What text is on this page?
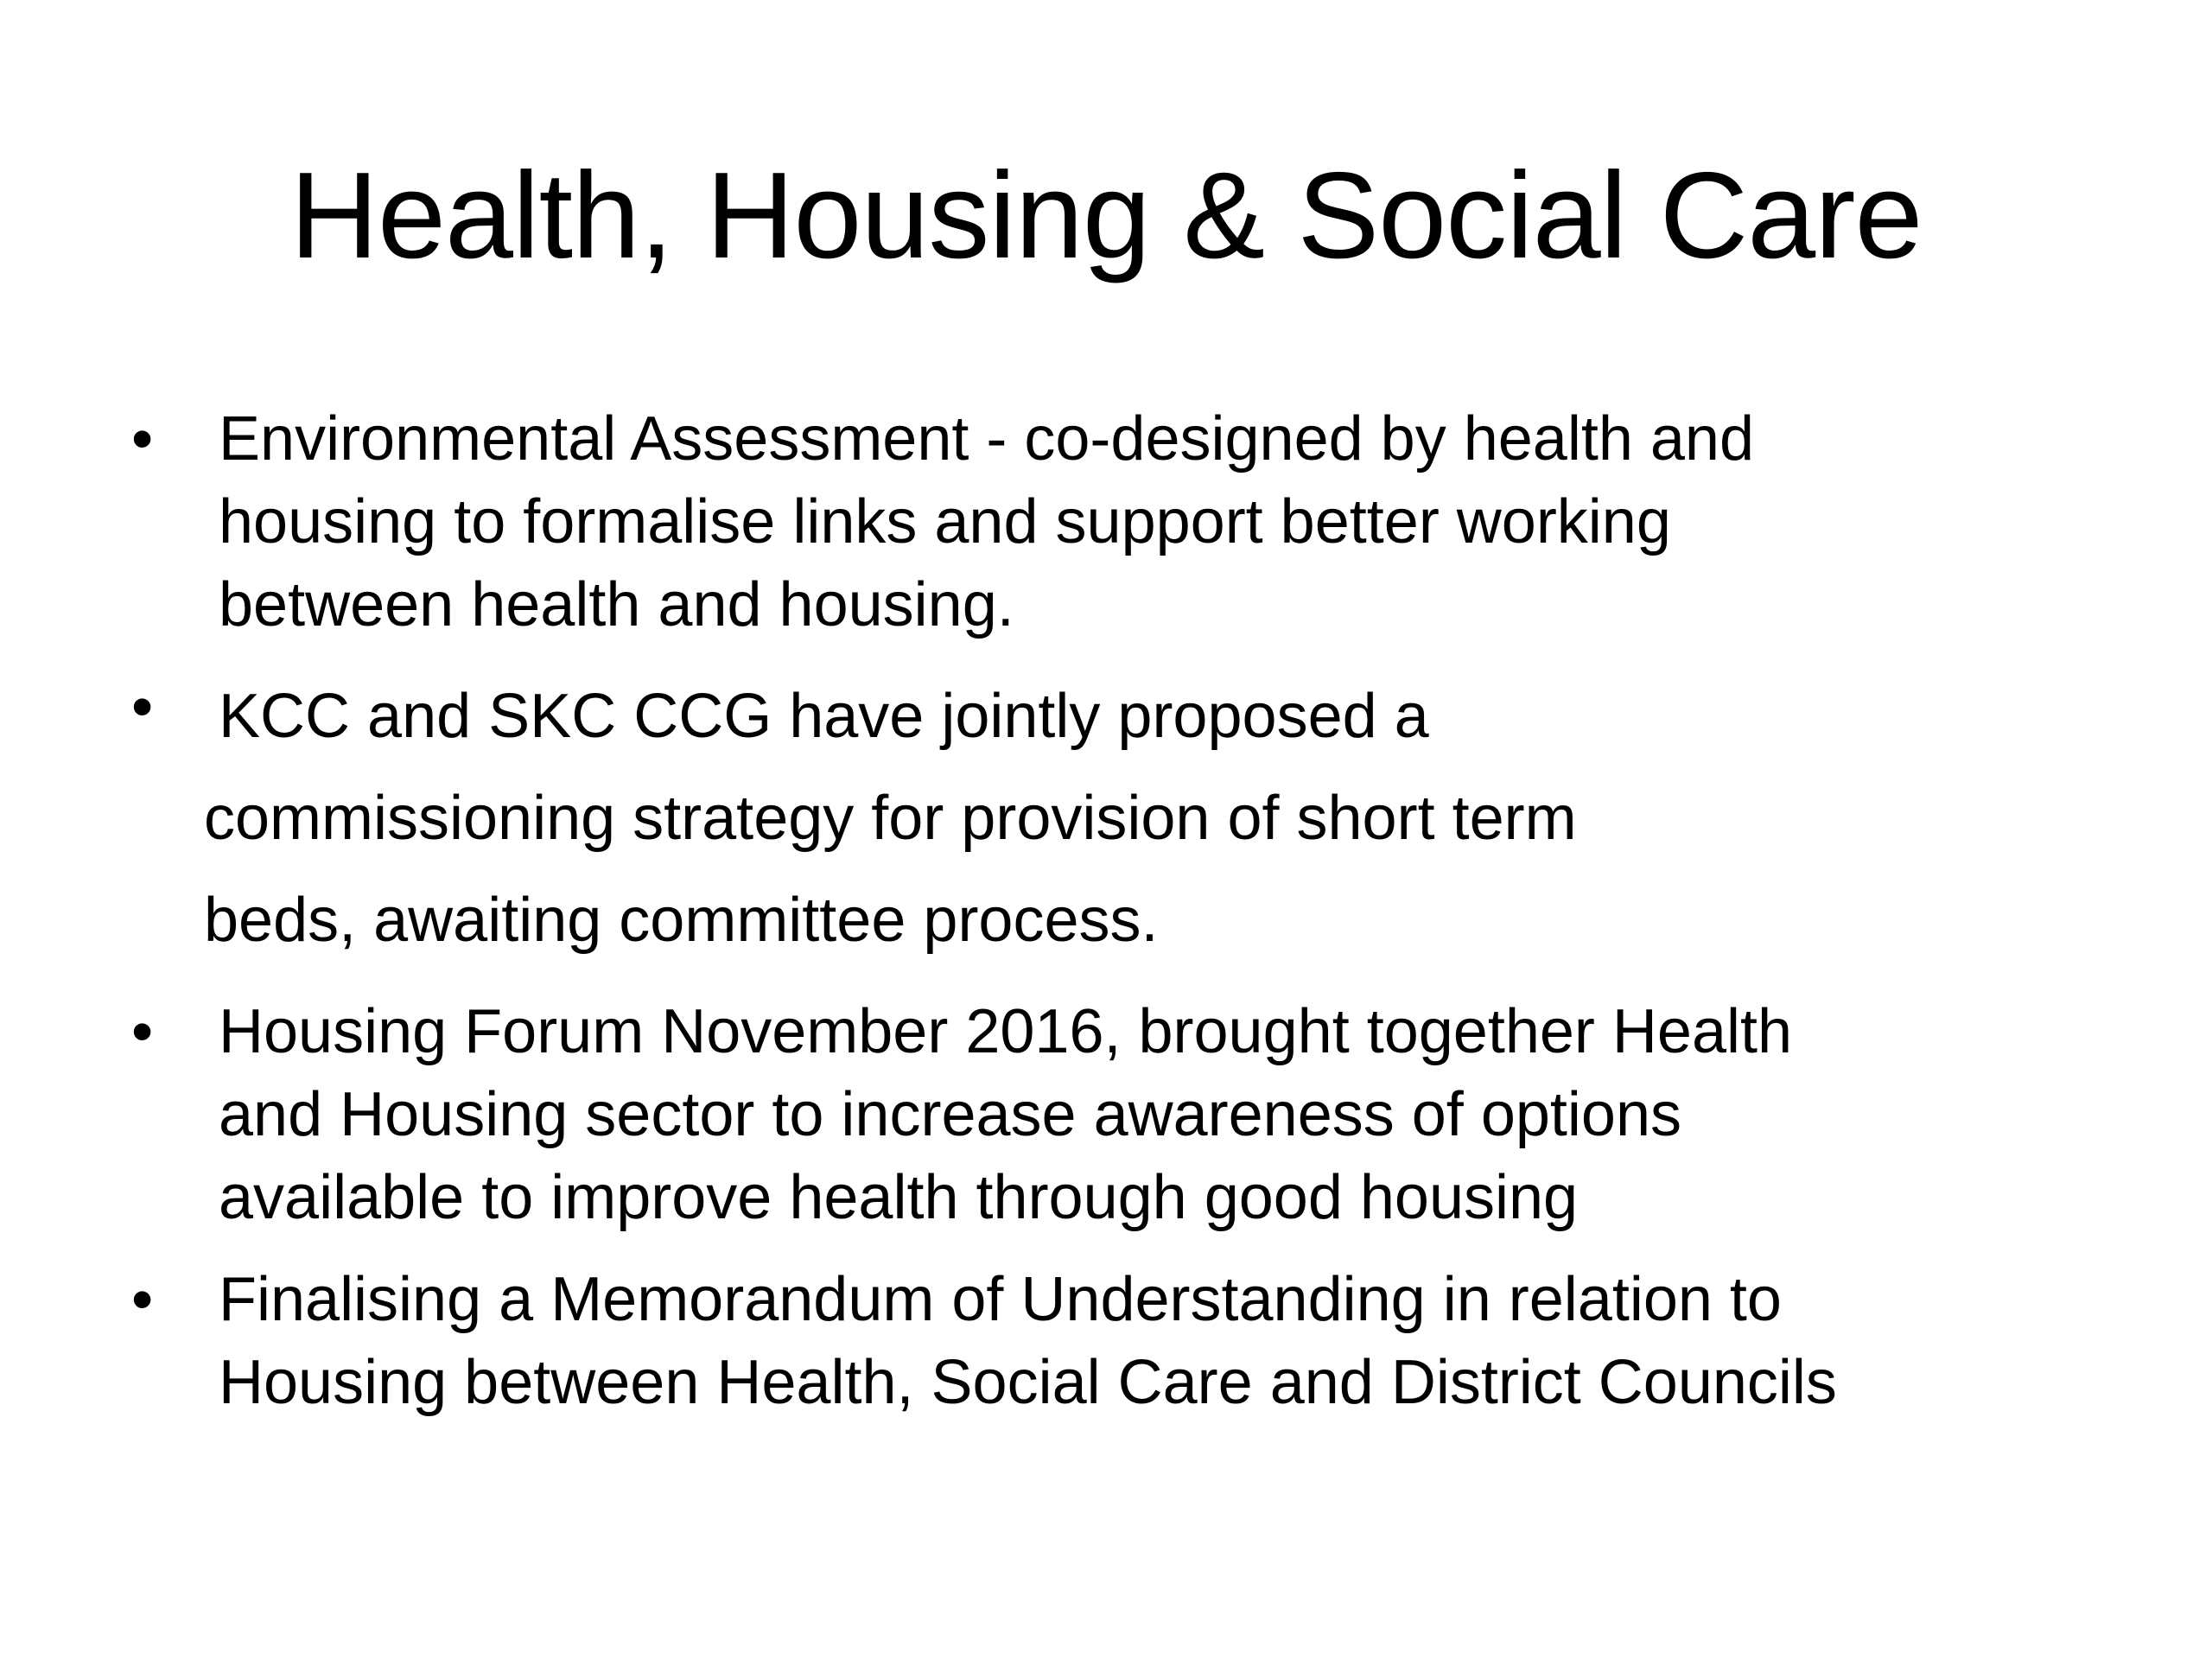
Health, Housing & Social Care
• Environmental Assessment - co-designed by health and
housing to formalise links and support better working
between health and housing.
• KCC and SKC CCG have jointly proposed a
commissioning strategy for provision of short term
beds, awaiting committee process.
• Housing Forum November 2016, brought together Health
and Housing sector to increase awareness of options
available to improve health through good housing
• Finalising a Memorandum of Understanding in relation to
Housing between Health, Social Care and District Councils
